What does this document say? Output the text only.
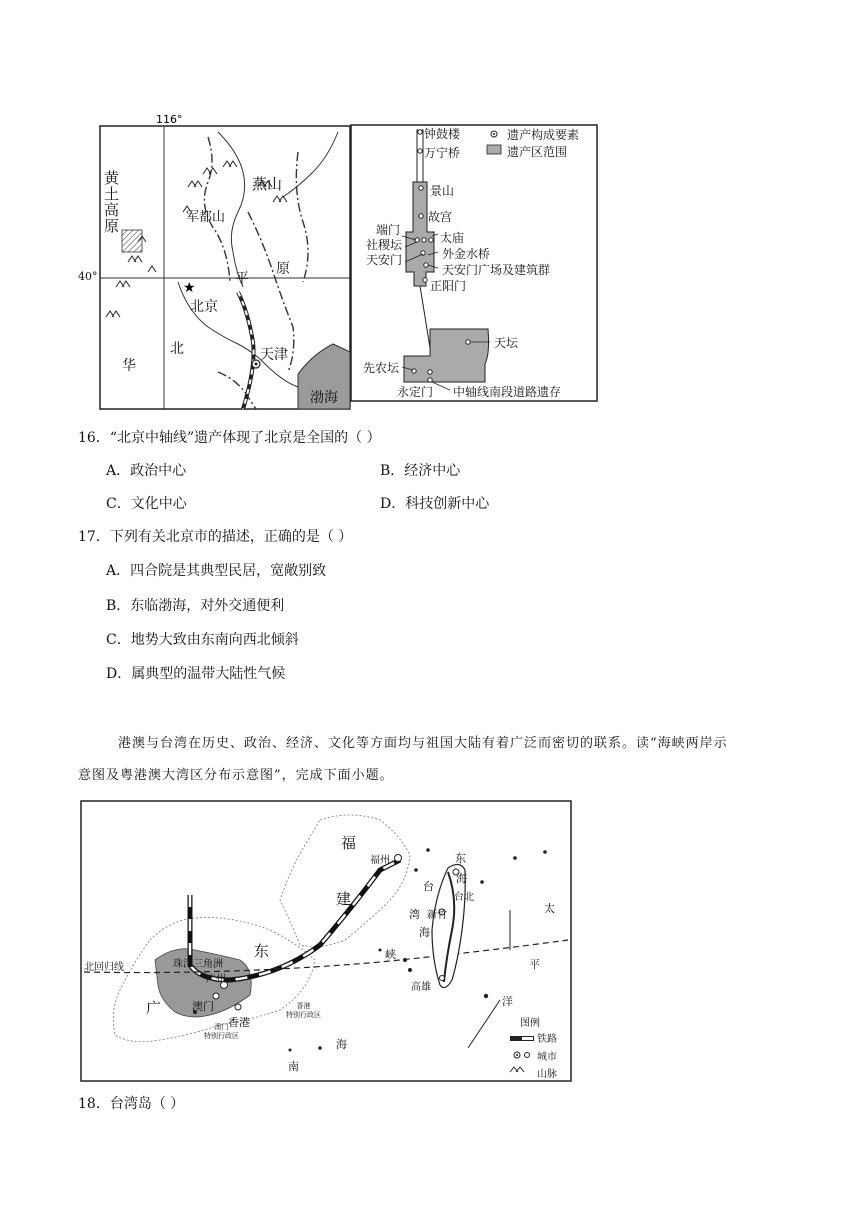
116°
★
40°
黄
土
高
原
燕山
军都山
平
原
北京
华
北	天津
渤海
遗产构成要素
遗产区范围
钟鼓楼
万宁桥
景山
故宫
端门
社稷坛	太庙
天安门	外金水桥
天安门广场及建筑群
正阳门
天坛
先农坛
永定门 中轴线南段道路遗存
16．“北京中轴线”遗产体现了北京是全国的（ ）
A．政治中心	B．经济中心
C．文化中心	D．科技创新中心
17．下列有关北京市的描述，正确的是（ ）
A．四合院是其典型民居，宽敞别致
B．东临渤海，对外交通便利
C．地势大致由东南向西北倾斜
D．属典型的温带大陆性气候
港澳与台湾在历史、政治、经济、文化等方面均与祖国大陆有着广泛而密切的联系。读“海峡两岸示
意图及粤港澳大湾区分布示意图”，完成下面小题。
福
建
东
广
福州
台
湾
海
峡
东
海
台北
新竹
高雄
太
平
洋
北回归线	珠江三角洲
广州
澳门
香港
香港
特别行政区
澳门
特别行政区
南
海
图例
铁路
城市
山脉
18．台湾岛（ ）
